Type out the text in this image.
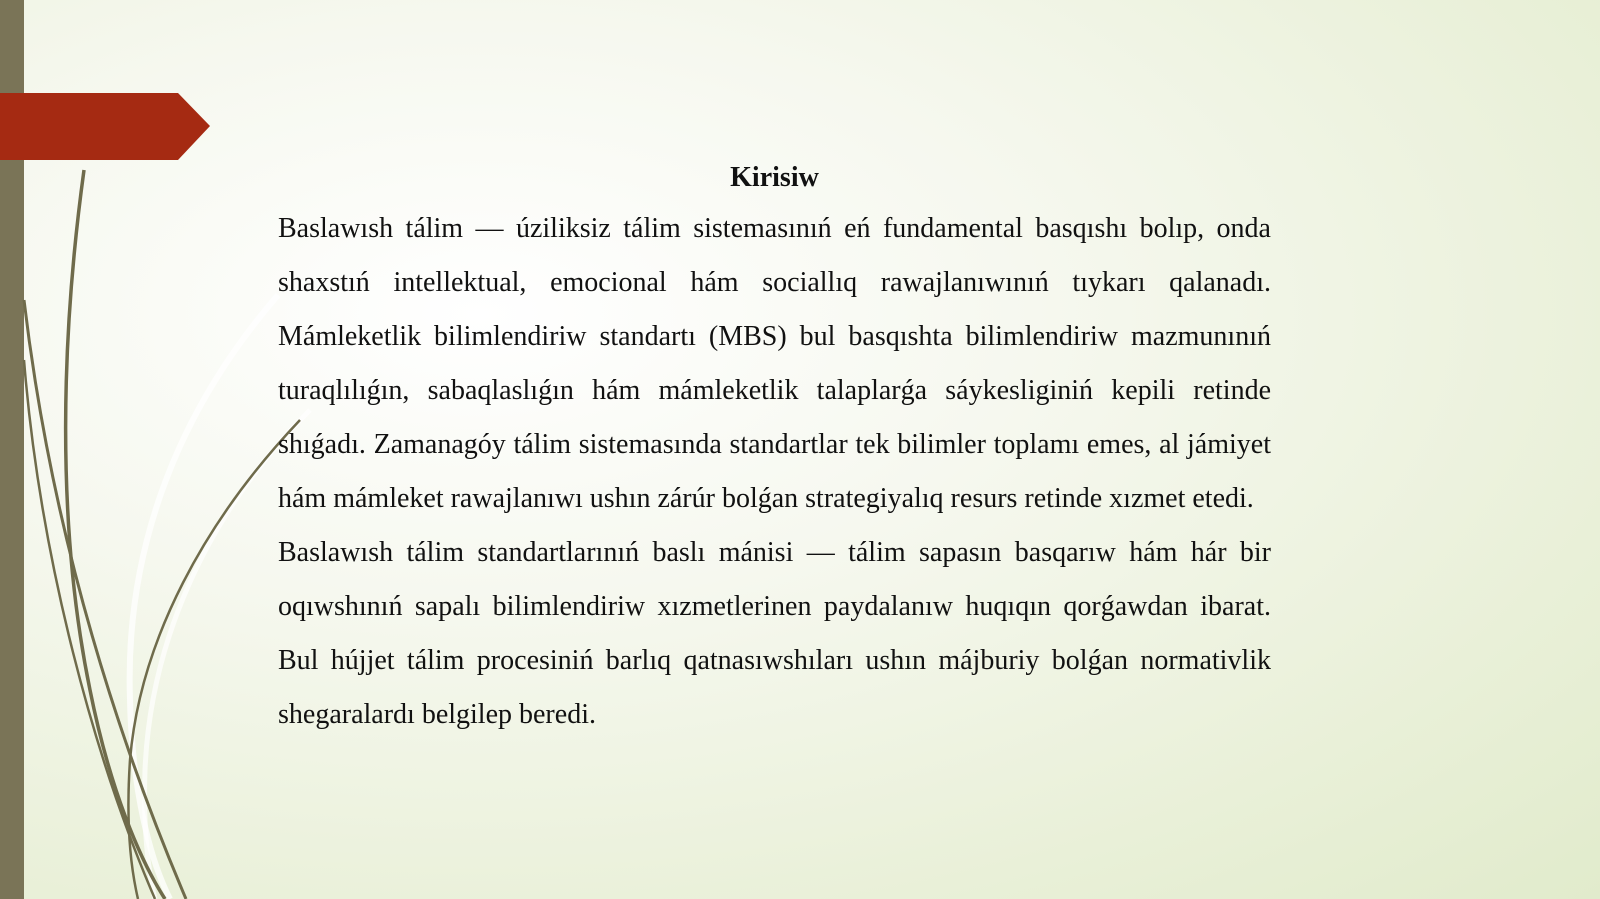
Kirisiw

Baslawısh tálim — úziliksiz tálim sistemasınıń eń fundamental basqıshı bolıp, onda shaxstıń intellektual, emocional hám sociallıq rawajlanıwınıń tıykarı qalanadı. Mámleketlik bilimlendiriw standartı (MBS) bul basqıshta bilimlendiriw mazmunınıń turaqlılıǵın, sabaqlaslıǵın hám mámleketlik talaplarǵa sáykesliginiń kepili retinde shıǵadı. Zamanagóy tálim sistemasında standartlar tek bilimler toplamı emes, al jámiyet hám mámleket rawajlanıwı ushın zárúr bolǵan strategiyalıq resurs retinde xızmet etedi.

Baslawısh tálim standartlarınıń baslı mánisi — tálim sapasın basqarıw hám hár bir oqıwshınıń sapalı bilimlendiriw xızmetlerinen paydalanıw huqıqın qorǵawdan ibarat. Bul hújjet tálim procesiniń barlıq qatnasıwshıları ushın májburiy bolǵan normativlik shegaralardı belgilep beredi.
